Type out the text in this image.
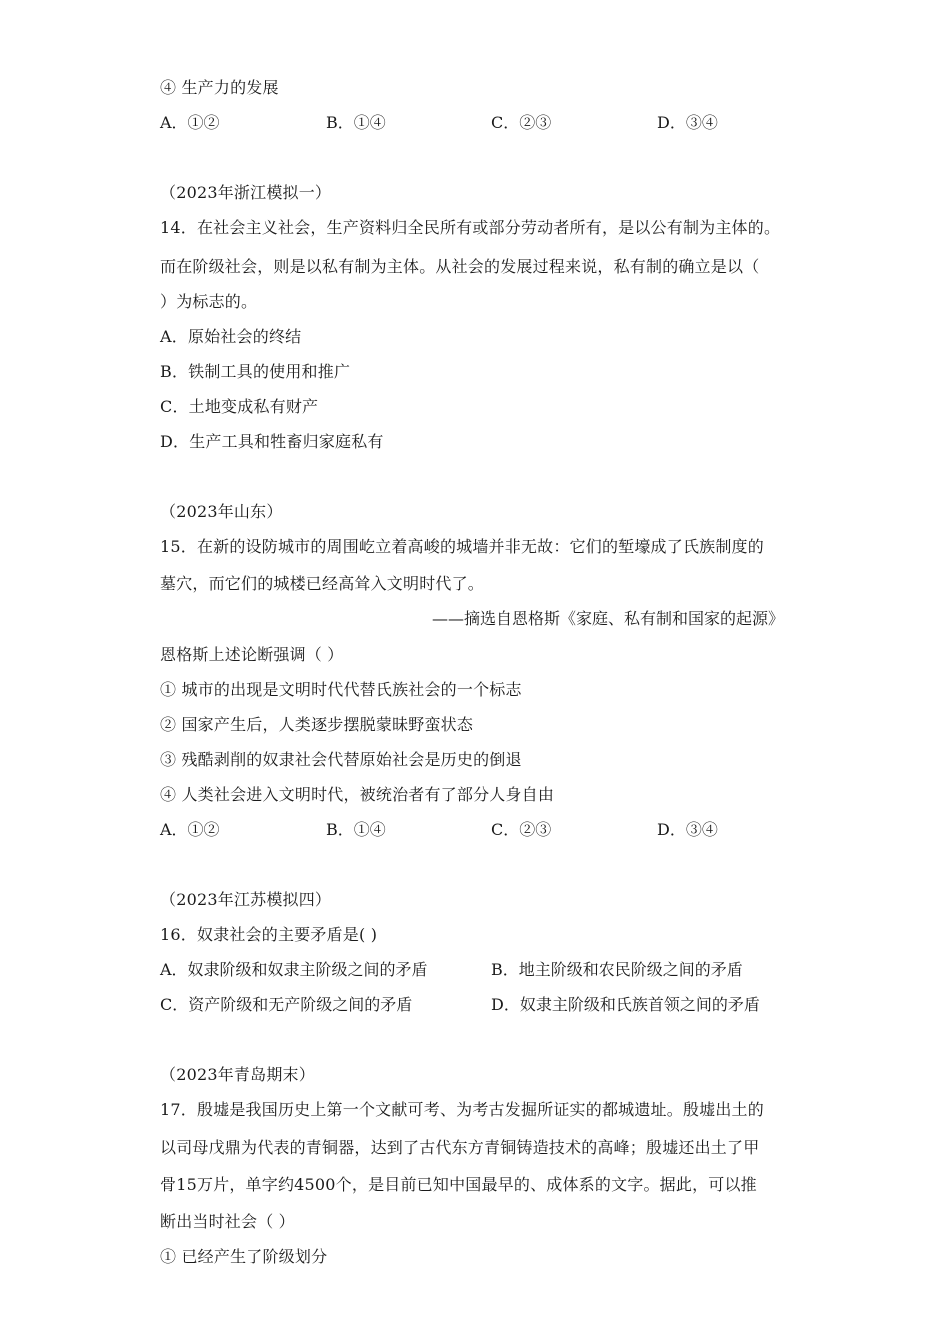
④ 生产力的发展
A．①②	B．①④	C．②③	D．③④
（2023年浙江模拟一）
14．在社会主义社会，生产资料归全民所有或部分劳动者所有，是以公有制为主体的。
而在阶级社会，则是以私有制为主体。从社会的发展过程来说，私有制的确立是以（
）为标志的。
A．原始社会的终结
B．铁制工具的使用和推广
C．土地变成私有财产
D．生产工具和牲畜归家庭私有
（2023年山东）
15．在新的设防城市的周围屹立着高峻的城墙并非无故：它们的堑壕成了氏族制度的
墓穴，而它们的城楼已经高耸入文明时代了。
——摘选自恩格斯《家庭、私有制和国家的起源》
恩格斯上述论断强调（ ）
① 城市的出现是文明时代代替氏族社会的一个标志
② 国家产生后，人类逐步摆脱蒙昧野蛮状态
③ 残酷剥削的奴隶社会代替原始社会是历史的倒退
④ 人类社会进入文明时代，被统治者有了部分人身自由
A．①②	B．①④	C．②③	D．③④
（2023年江苏模拟四）
16．奴隶社会的主要矛盾是( )
A．奴隶阶级和奴隶主阶级之间的矛盾	B．地主阶级和农民阶级之间的矛盾
C．资产阶级和无产阶级之间的矛盾	D．奴隶主阶级和氏族首领之间的矛盾
（2023年青岛期末）
17．殷墟是我国历史上第一个文献可考、为考古发掘所证实的都城遗址。殷墟出土的
以司母戊鼎为代表的青铜器，达到了古代东方青铜铸造技术的高峰；殷墟还出土了甲
骨15万片，单字约4500个，是目前已知中国最早的、成体系的文字。据此，可以推
断出当时社会（ ）
① 已经产生了阶级划分
